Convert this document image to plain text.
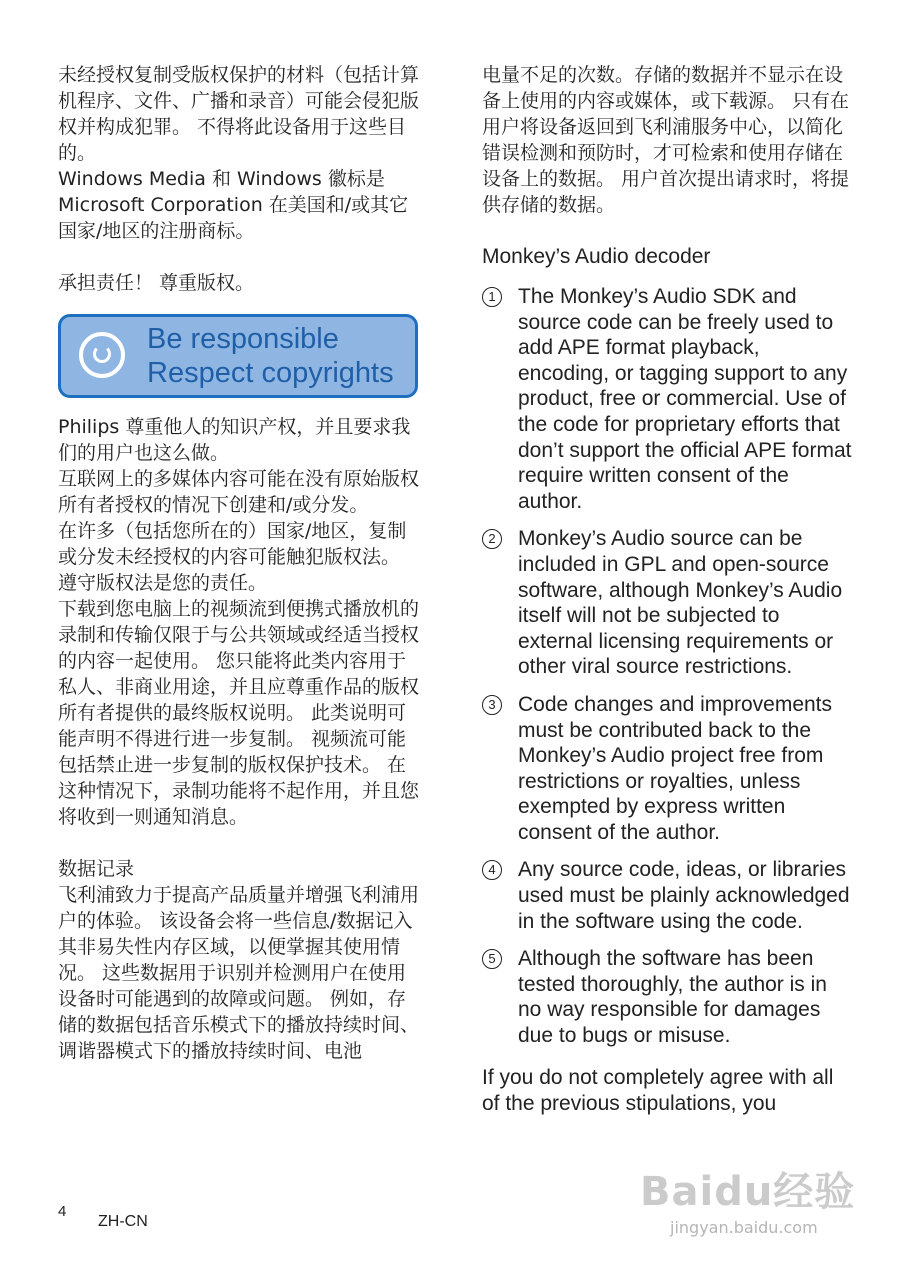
未经授权复制受版权保护的材料（包括计算机程序、文件、广播和录音）可能会侵犯版权并构成犯罪。 不得将此设备用于这些目的。

Windows Media 和 Windows 徽标是 Microsoft Corporation 在美国和/或其它国家/地区的注册商标。

承担责任！ 尊重版权。

Be responsible
Respect copyrights

Philips 尊重他人的知识产权，并且要求我们的用户也这么做。

互联网上的多媒体内容可能在没有原始版权所有者授权的情况下创建和/或分发。

在许多（包括您所在的）国家/地区，复制或分发未经授权的内容可能触犯版权法。

遵守版权法是您的责任。

下载到您电脑上的视频流到便携式播放机的录制和传输仅限于与公共领域或经适当授权的内容一起使用。 您只能将此类内容用于私人、非商业用途，并且应尊重作品的版权所有者提供的最终版权说明。 此类说明可能声明不得进行进一步复制。 视频流可能包括禁止进一步复制的版权保护技术。 在这种情况下，录制功能将不起作用，并且您将收到一则通知消息。

数据记录

飞利浦致力于提高产品质量并增强飞利浦用户的体验。 该设备会将一些信息/数据记入其非易失性内存区域，以便掌握其使用情况。 这些数据用于识别并检测用户在使用设备时可能遇到的故障或问题。 例如，存储的数据包括音乐模式下的播放持续时间、调谐器模式下的播放持续时间、电池

电量不足的次数。存储的数据并不显示在设备上使用的内容或媒体，或下载源。 只有在用户将设备返回到飞利浦服务中心，以简化错误检测和预防时，才可检索和使用存储在设备上的数据。 用户首次提出请求时，将提供存储的数据。

Monkey’s Audio decoder

1	The Monkey’s Audio SDK and source code can be freely used to add APE format playback, encoding, or tagging support to any product, free or commercial. Use of the code for proprietary efforts that don’t support the official APE format require written consent of the author.
2	Monkey’s Audio source can be included in GPL and open-source software, although Monkey’s Audio itself will not be subjected to external licensing requirements or other viral source restrictions.
3	Code changes and improvements must be contributed back to the Monkey’s Audio project free from restrictions or royalties, unless exempted by express written consent of the author.
4	Any source code, ideas, or libraries used must be plainly acknowledged in the software using the code.
5	Although the software has been tested thoroughly, the author is in no way responsible for damages due to bugs or misuse.

If you do not completely agree with all of the previous stipulations, you

4
ZH-CN
Baidu经验
jingyan.baidu.com
